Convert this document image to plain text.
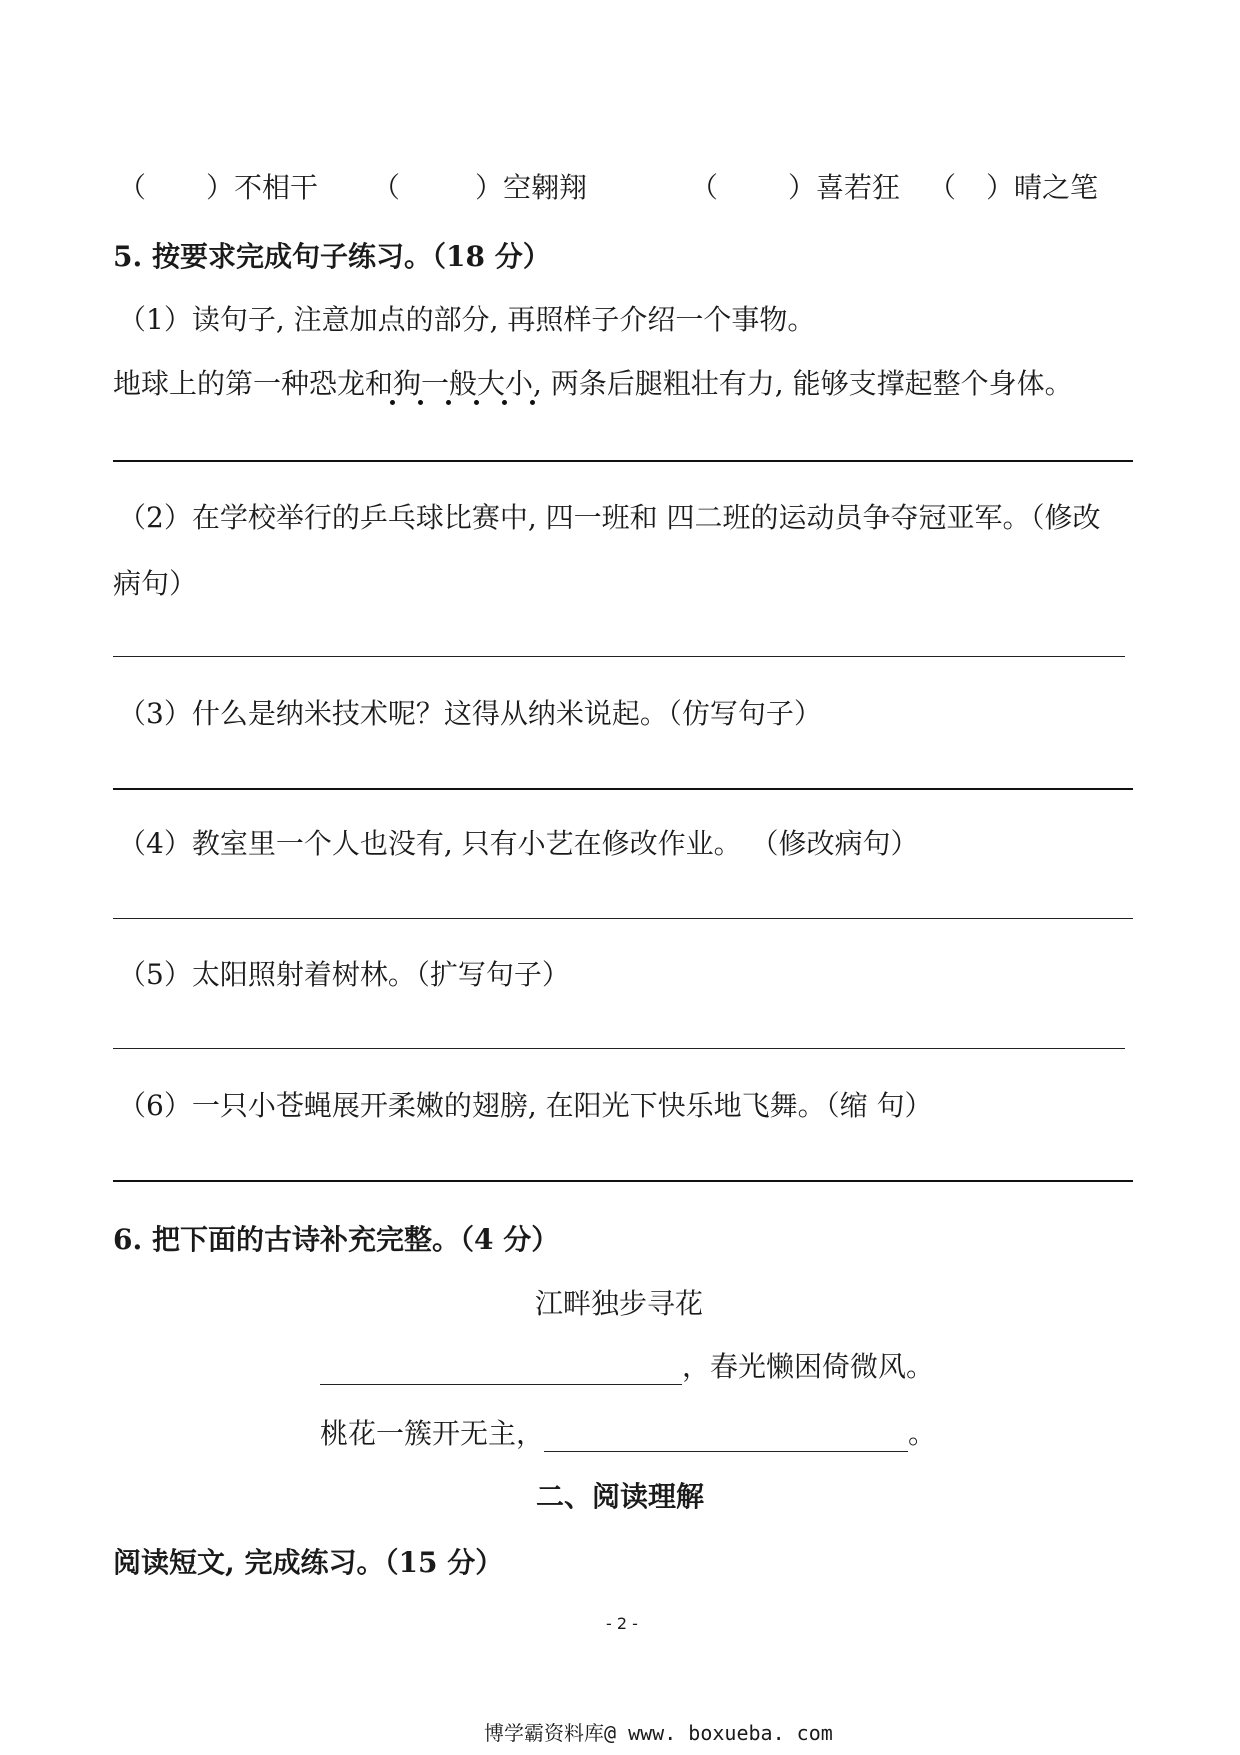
（ ）不相干 （	）空翱翔	（	）喜若狂 （ ）晴之笔
5. 按要求完成句子练习。（18 分）
（1）读句子, 注意加点的部分, 再照样子介绍一个事物。
地球上的第一种恐龙和狗一般大小, 两条后腿粗壮有力, 能够支撑起整个身体。
（2）在学校举行的乒乓球比赛中, 四一班和 四二班的运动员争夺冠亚军。（修改
病句）
（3）什么是纳米技术呢？这得从纳米说起。（仿写句子）
（4）教室里一个人也没有, 只有小艺在修改作业。 （修改病句）
（5）太阳照射着树林。（扩写句子）
（6）一只小苍蝇展开柔嫩的翅膀, 在阳光下快乐地飞舞。（缩 句）
6. 把下面的古诗补充完整。（4 分）
江畔独步寻花
，春光懒困倚微风。
桃花一簇开无主，	。
二、阅读理解
阅读短文, 完成练习。（15 分）
- 2 -
博学霸资料库@ www. boxueba. com
